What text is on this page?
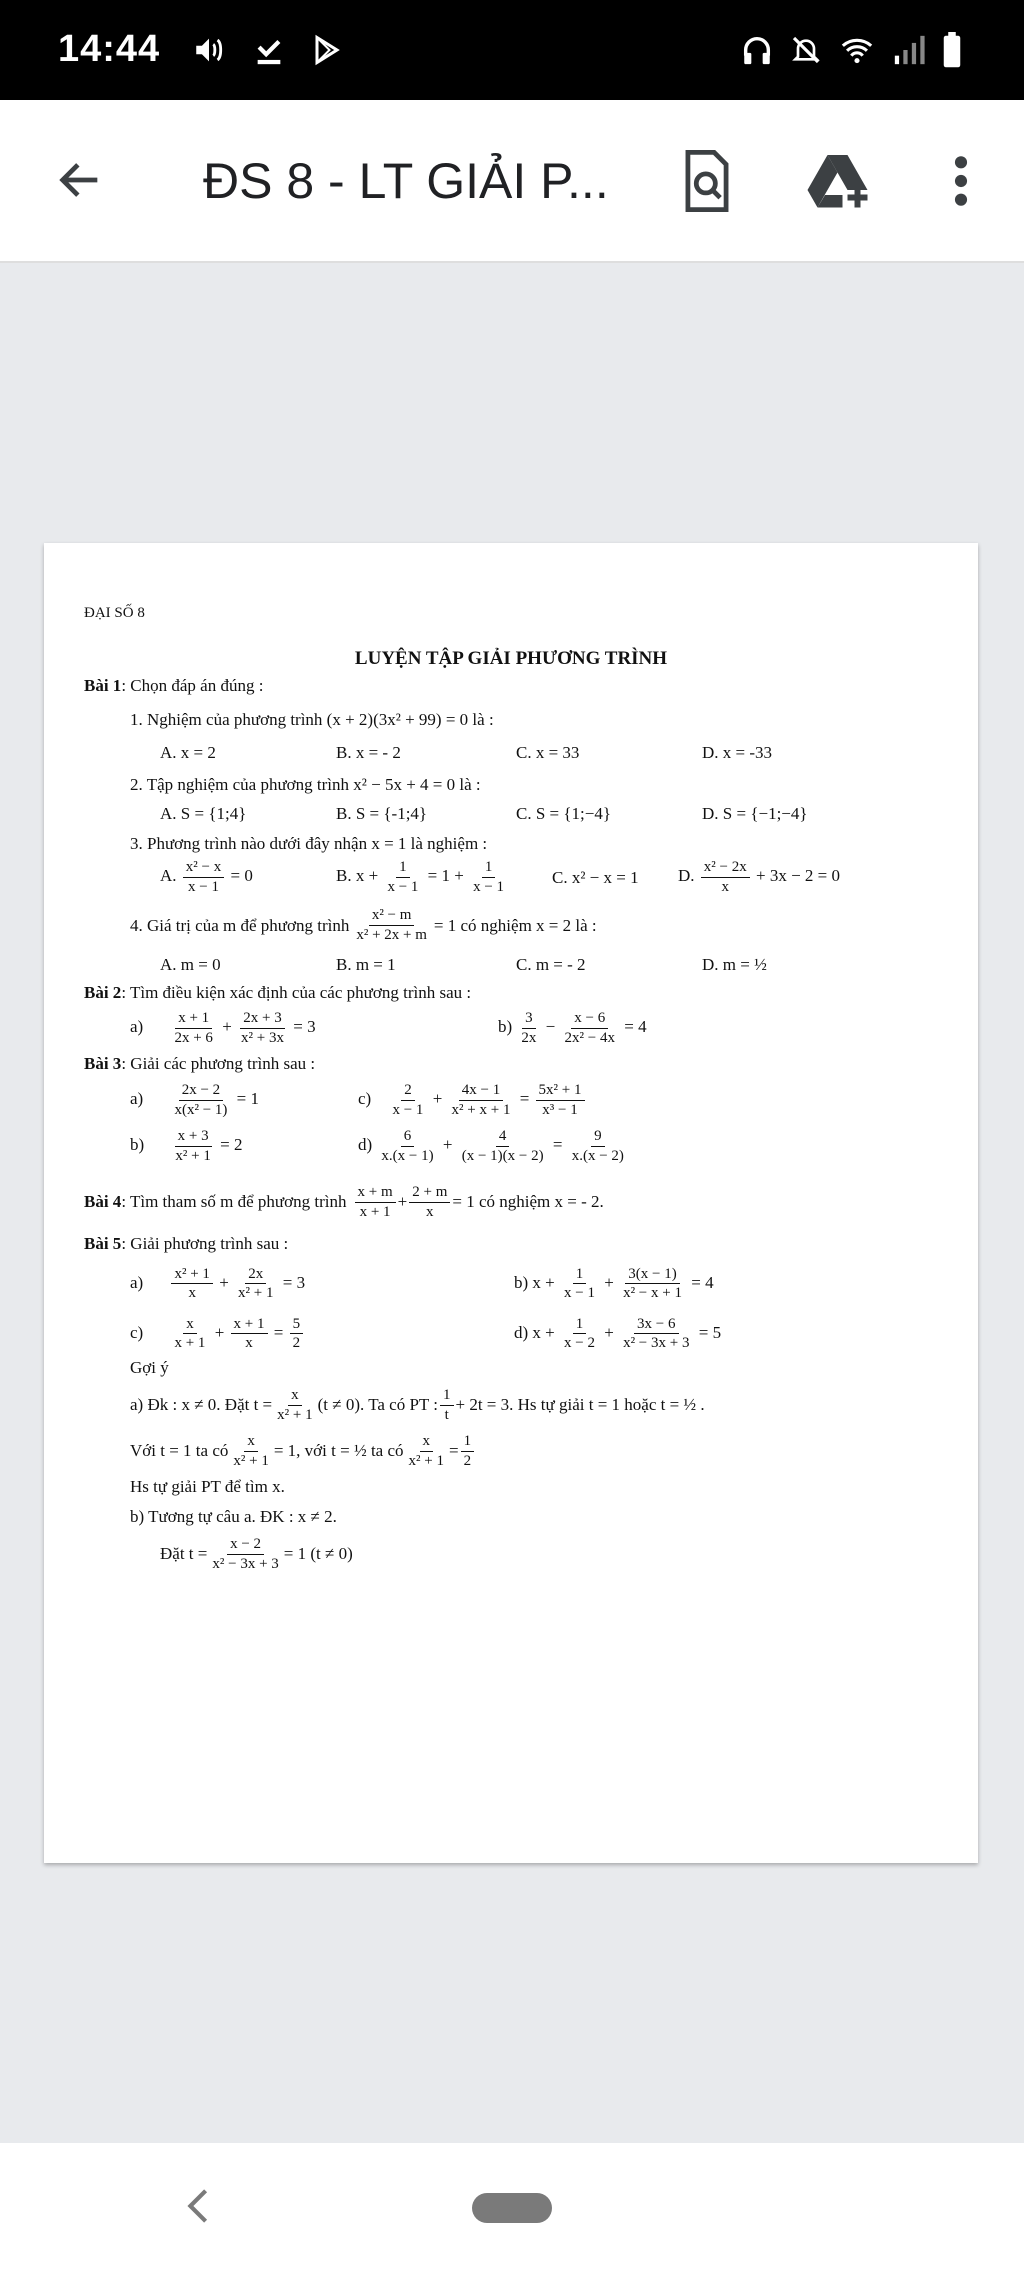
14:44
ĐS 8 - LT GIẢI P...
ĐẠI SỐ 8
LUYỆN TẬP GIẢI PHƯƠNG TRÌNH
Bài 1 : Chọn đáp án đúng :
1. Nghiệm của phương trình (x + 2)(3x² + 99) = 0 là :
A. x = 2	B. x = - 2	C. x = 33	D. x = -33
2. Tập nghiệm của phương trình x² − 5x + 4 = 0 là :
A. S = {1;4}	B. S = {-1;4}	C. S = {1;−4}	D. S = {−1;−4}
3. Phương trình nào dưới đây nhận x = 1 là nghiệm :
A. $\frac{\text{x² − x}}{x - 1} = 0$	B. $x + \frac{1}{x - 1} = 1 + \frac{1}{x - 1}$	C. x² − x = 1	D. $\frac{\text{x² − 2x}}{x} + 3x - 2 = 0$
4. Giá trị của m để phương trình $\frac{\text{x² − m}}{\text{x² + 2x + m}} = 1$ có nghiệm x = 2 là :
A. m = 0	B. m = 1	C. m = - 2	D. m = ½
Bài 2 : Tìm điều kiện xác định của các phương trình sau :
$a) \frac{x + 1}{2x + 6} + \frac{2x + 3}{\text{x² + 3x}} = 3$	$b) \frac{3}{2x} - \frac{x - 6}{\text{2x² − 4x}} = 4$
Bài 3 : Giải các phương trình sau :
$a) \frac{2x - 2}{\text{x(x² − 1)}} = 1$	$c) \frac{2}{x - 1} + \frac{4x - 1}{\text{x² + x + 1}} = \frac{\text{5x² + 1}}{\text{x³ − 1}}$
$b) \frac{x + 3}{\text{x² + 1}} = 2$	$d) \frac{6}{x.(x - 1)} + \frac{4}{(x - 1)(x - 2)} = \frac{9}{x.(x - 2)}$
Bài 4 : Tìm tham số m để phương trình $\frac{x + m}{x + 1} + \frac{2 + m}{x} = 1$ có nghiệm x = - 2.
Bài 5 : Giải phương trình sau :
$a) \frac{\text{x² + 1}}{x} + \frac{2x}{\text{x² + 1}} = 3$	b) $x + \frac{1}{x - 1} + \frac{3(x - 1)}{\text{x² − x + 1}} = 4$
$c) \frac{x}{x + 1} + \frac{x + 1}{x} = \frac{5}{2}$	d) $x + \frac{1}{x - 2} + \frac{3x - 6}{\text{x² − 3x + 3}} = 5$
Gợi ý
a) Đk : x ≠ 0. Đặt $t = \frac{x}{\text{x² + 1}} (t \ne 0)$. Ta có PT : $\frac{1}{t} + 2t = 3$. Hs tự giải t = 1 hoặc t = ½ .
Với t = 1 ta có $\frac{x}{\text{x² + 1}} = 1$, với t = ½ ta có $\frac{x}{\text{x² + 1}} = \frac{1}{2}$
Hs tự giải PT để tìm x.
b) Tương tự câu a. ĐK : x ≠ 2.
Đặt $t = \frac{x - 2}{\text{x² − 3x + 3}} = 1$ (t ≠ 0)
